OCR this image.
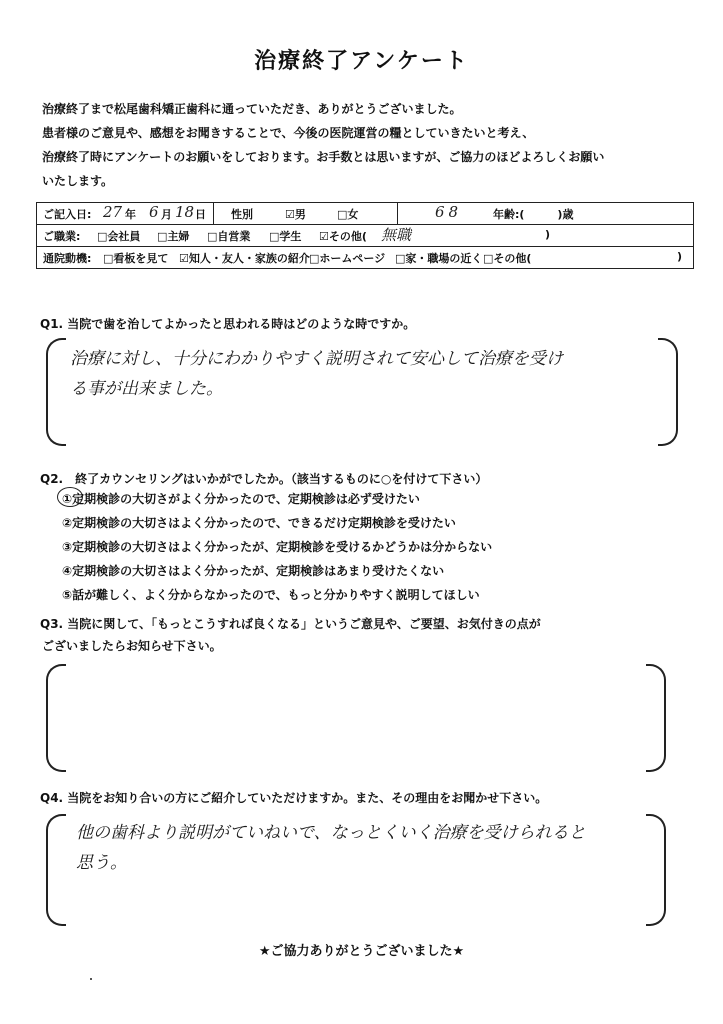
治療終了アンケート
治療終了まで松尾歯科矯正歯科に通っていただき、ありがとうございました。
患者様のご意見や、感想をお聞きすることで、今後の医院運営の糧としていきたいと考え、
治療終了時にアンケートのお願いをしております。お手数とは思いますが、ご協力のほどよろしくお願い
いたします。
ご記入日: 27 年 6 月 18 日 性別	☑男	□女	68	年齢:(　　　)歳
ご職業: □会社員 □主婦 □自営業 □学生 ☑その他( 無職	)
通院動機: □看板を見て ☑知人・友人・家族の紹介 □ホームページ □家・職場の近く □その他(	)
Q1. 当院で歯を治してよかったと思われる時はどのような時ですか。
治療に対し、十分にわかりやすく説明されて安心して治療を受け
る事が出来ました。
Q2.　終了カウンセリングはいかがでしたか。（該当するものに○を付けて下さい）
①定期検診の大切さがよく分かったので、定期検診は必ず受けたい
②定期検診の大切さはよく分かったので、できるだけ定期検診を受けたい
③定期検診の大切さはよく分かったが、定期検診を受けるかどうかは分からない
④定期検診の大切さはよく分かったが、定期検診はあまり受けたくない
⑤話が難しく、よく分からなかったので、もっと分かりやすく説明してほしい
Q3. 当院に関して、「もっとこうすれば良くなる」というご意見や、ご要望、お気付きの点が
ございましたらお知らせ下さい。
Q4. 当院をお知り合いの方にご紹介していただけますか。また、その理由をお聞かせ下さい。
他の歯科より説明がていねいで、なっとくいく治療を受けられると
思う。
★ご協力ありがとうございました★
